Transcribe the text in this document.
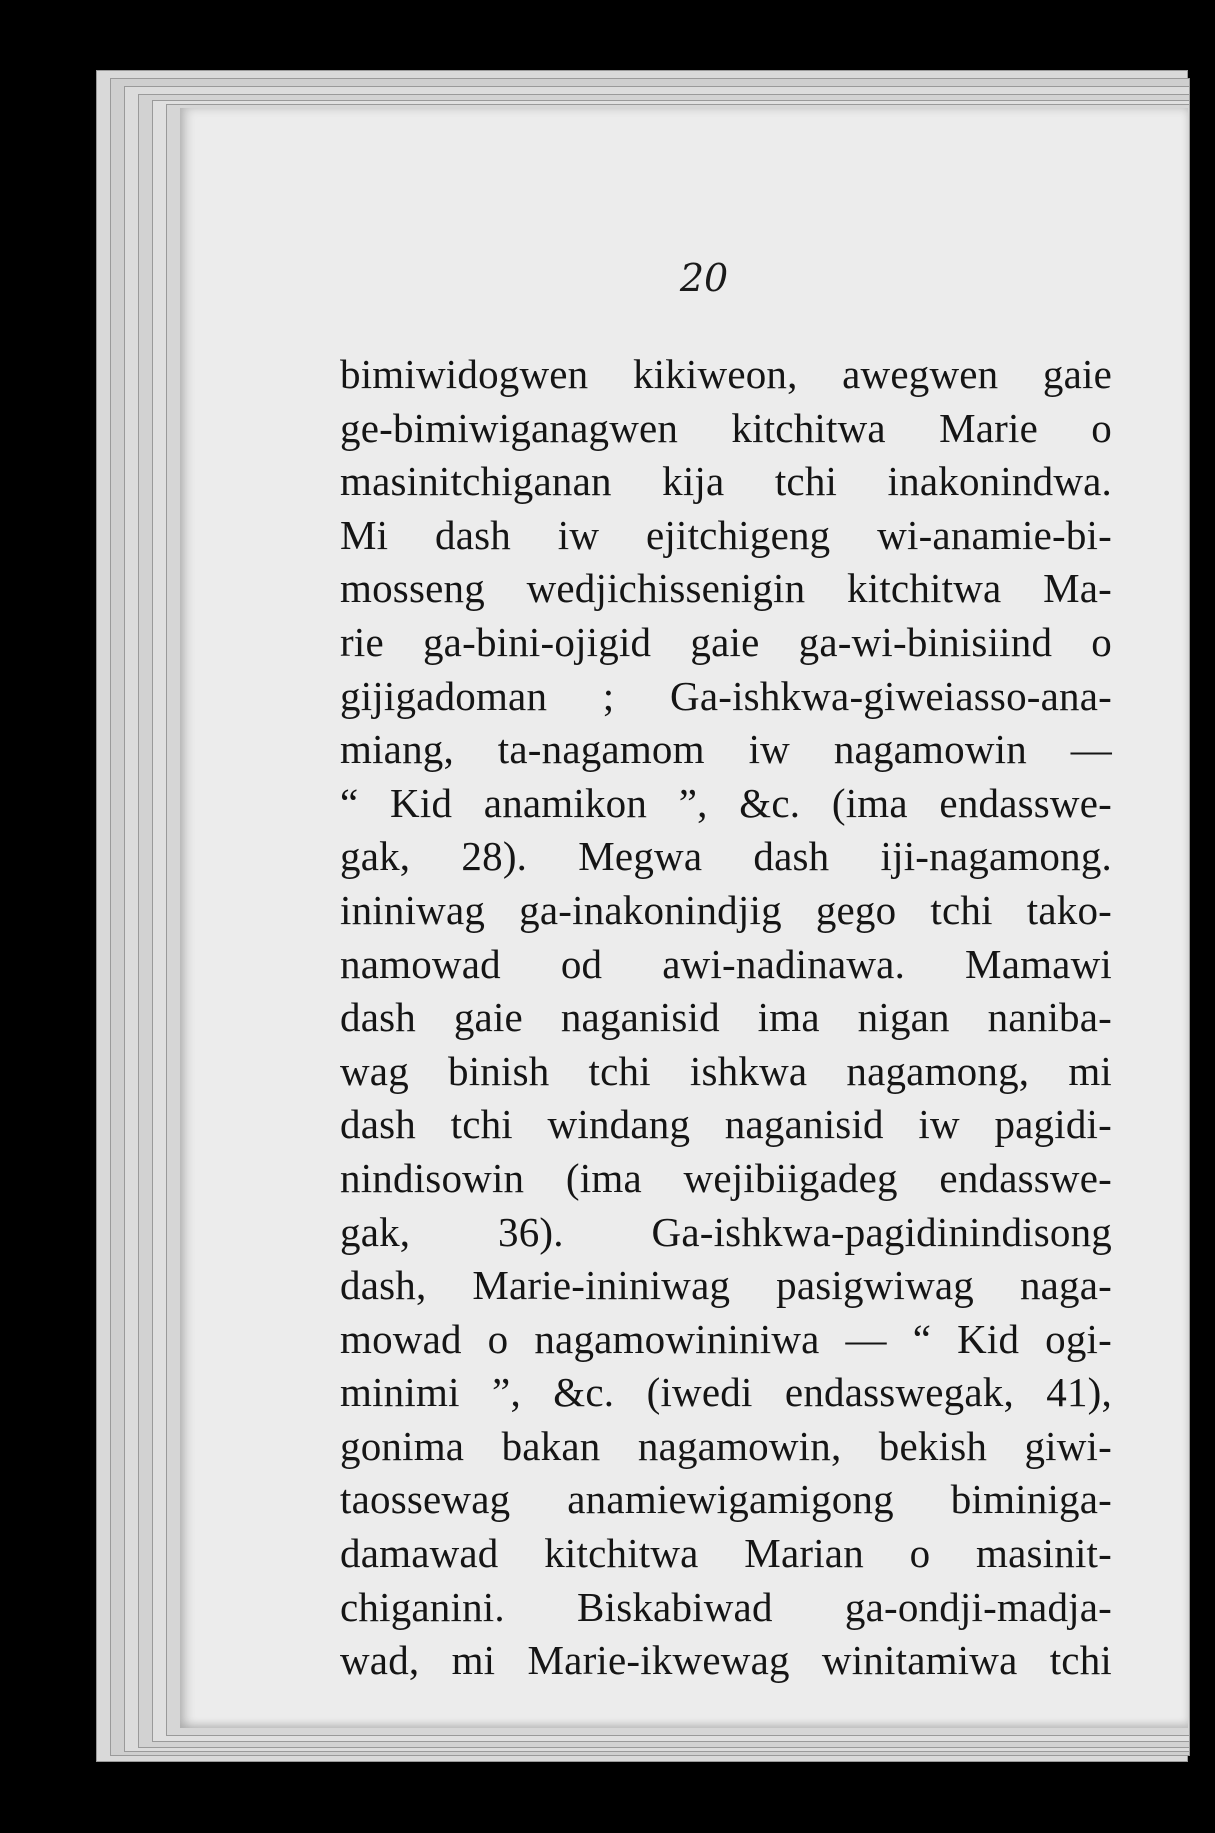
20
bimiwidogwen kikiweon, awegwen gaie
ge-bimiwiganagwen kitchitwa Marie o
masinitchiganan kija tchi inakonindwa.
Mi dash iw ejitchigeng wi-anamie-bi-
mosseng wedjichissenigin kitchitwa Ma-
rie ga-bini-ojigid gaie ga-wi-binisiind o
gijigadoman ; Ga-ishkwa-giweiasso-ana-
miang, ta-nagamom iw nagamowin —
“ Kid anamikon ”, &c. (ima endasswe-
gak, 28). Megwa dash iji-nagamong.
ininiwag ga-inakonindjig gego tchi tako-
namowad od awi-nadinawa. Mamawi
dash gaie naganisid ima nigan naniba-
wag binish tchi ishkwa nagamong, mi
dash tchi windang naganisid iw pagidi-
nindisowin (ima wejibiigadeg endasswe-
gak, 36). Ga-ishkwa-pagidinindisong
dash, Marie-ininiwag pasigwiwag naga-
mowad o nagamowininiwa — “ Kid ogi-
minimi ”, &c. (iwedi endasswegak, 41),
gonima bakan nagamowin, bekish giwi-
taossewag anamiewigamigong biminiga-
damawad kitchitwa Marian o masinit-
chiganini. Biskabiwad ga-ondji-madja-
wad, mi Marie-ikwewag winitamiwa tchi
